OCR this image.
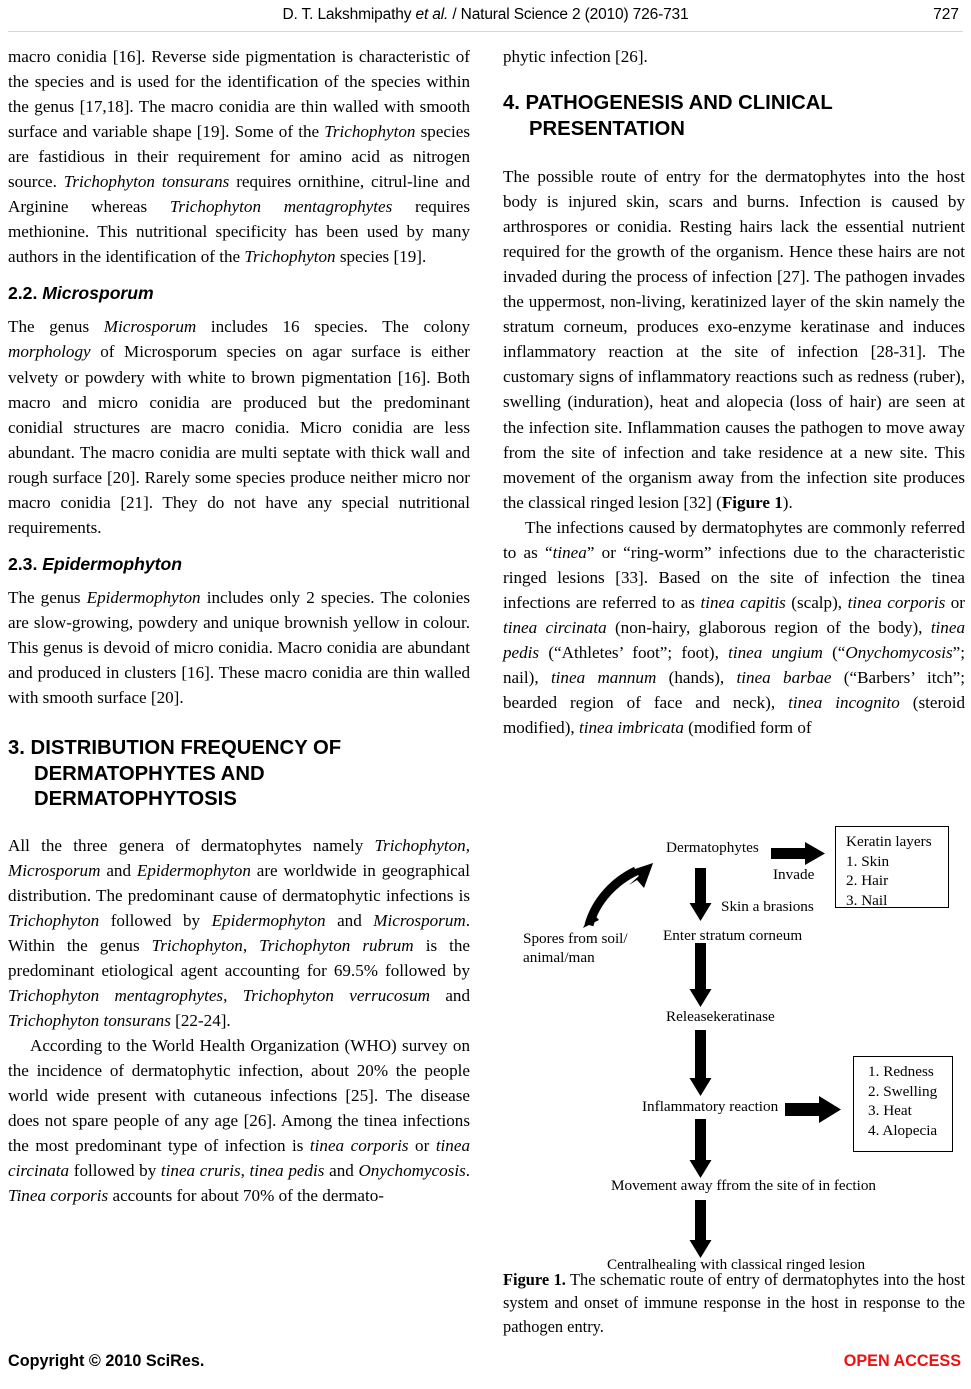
D. T. Lakshmipathy et al. / Natural Science 2 (2010) 726-731	727

macro conidia [16]. Reverse side pigmentation is characteristic of the species and is used for the identification of the species within the genus [17,18]. The macro conidia are thin walled with smooth surface and variable shape [19]. Some of the Trichophyton species are fastidious in their requirement for amino acid as nitrogen source. Trichophyton tonsurans requires ornithine, citrul-line and Arginine whereas Trichophyton mentagrophytes requires methionine. This nutritional specificity has been used by many authors in the identification of the Trichophyton species [19].

2.2. Microsporum

The genus Microsporum includes 16 species. The colony morphology of Microsporum species on agar surface is either velvety or powdery with white to brown pigmentation [16]. Both macro and micro conidia are produced but the predominant conidial structures are macro conidia. Micro conidia are less abundant. The macro conidia are multi septate with thick wall and rough surface [20]. Rarely some species produce neither micro nor macro conidia [21]. They do not have any special nutritional requirements.

2.3. Epidermophyton

The genus Epidermophyton includes only 2 species. The colonies are slow-growing, powdery and unique brownish yellow in colour. This genus is devoid of micro conidia. Macro conidia are abundant and produced in clusters [16]. These macro conidia are thin walled with smooth surface [20].

3. DISTRIBUTION FREQUENCY OF DERMATOPHYTES AND DERMATOPHYTOSIS

All the three genera of dermatophytes namely Trichophyton, Microsporum and Epidermophyton are worldwide in geographical distribution. The predominant cause of dermatophytic infections is Trichophyton followed by Epidermophyton and Microsporum. Within the genus Trichophyton, Trichophyton rubrum is the predominant etiological agent accounting for 69.5% followed by Trichophyton mentagrophytes, Trichophyton verrucosum and Trichophyton tonsurans [22-24].

According to the World Health Organization (WHO) survey on the incidence of dermatophytic infection, about 20% the people world wide present with cutaneous infections [25]. The disease does not spare people of any age [26]. Among the tinea infections the most predominant type of infection is tinea corporis or tinea circinata followed by tinea cruris, tinea pedis and Onychomycosis. Tinea corporis accounts for about 70% of the dermato-

phytic infection [26].

4. PATHOGENESIS AND CLINICAL PRESENTATION

The possible route of entry for the dermatophytes into the host body is injured skin, scars and burns. Infection is caused by arthrospores or conidia. Resting hairs lack the essential nutrient required for the growth of the organism. Hence these hairs are not invaded during the process of infection [27]. The pathogen invades the uppermost, non-living, keratinized layer of the skin namely the stratum corneum, produces exo-enzyme keratinase and induces inflammatory reaction at the site of infection [28-31]. The customary signs of inflammatory reactions such as redness (ruber), swelling (induration), heat and alopecia (loss of hair) are seen at the infection site. Inflammation causes the pathogen to move away from the site of infection and take residence at a new site. This movement of the organism away from the infection site produces the classical ringed lesion [32] (Figure 1).

The infections caused by dermatophytes are commonly referred to as “tinea” or “ring-worm” infections due to the characteristic ringed lesions [33]. Based on the site of infection the tinea infections are referred to as tinea capitis (scalp), tinea corporis or tinea circinata (non-hairy, glaborous region of the body), tinea pedis (“Athletes’ foot”; foot), tinea ungium (“Onychomycosis”; nail), tinea mannum (hands), tinea barbae (“Barbers’ itch”; bearded region of face and neck), tinea incognito (steroid modified), tinea imbricata (modified form of

Dermatophytes
Spores from soil/
animal/man
Invade
Skin a brasions
Enter stratum corneum
Releasekeratinase
Inflammatory reaction
Movement away ffrom the site of in fection
Centralhealing with classical ringed lesion
Keratin layers
1. Skin
2. Hair
3. Nail
1. Redness
2. Swelling
3. Heat
4. Alopecia
Figure 1. The schematic route of entry of dermatophytes into the host system and onset of immune response in the host in response to the pathogen entry.
Copyright © 2010 SciRes.	OPEN ACCESS
